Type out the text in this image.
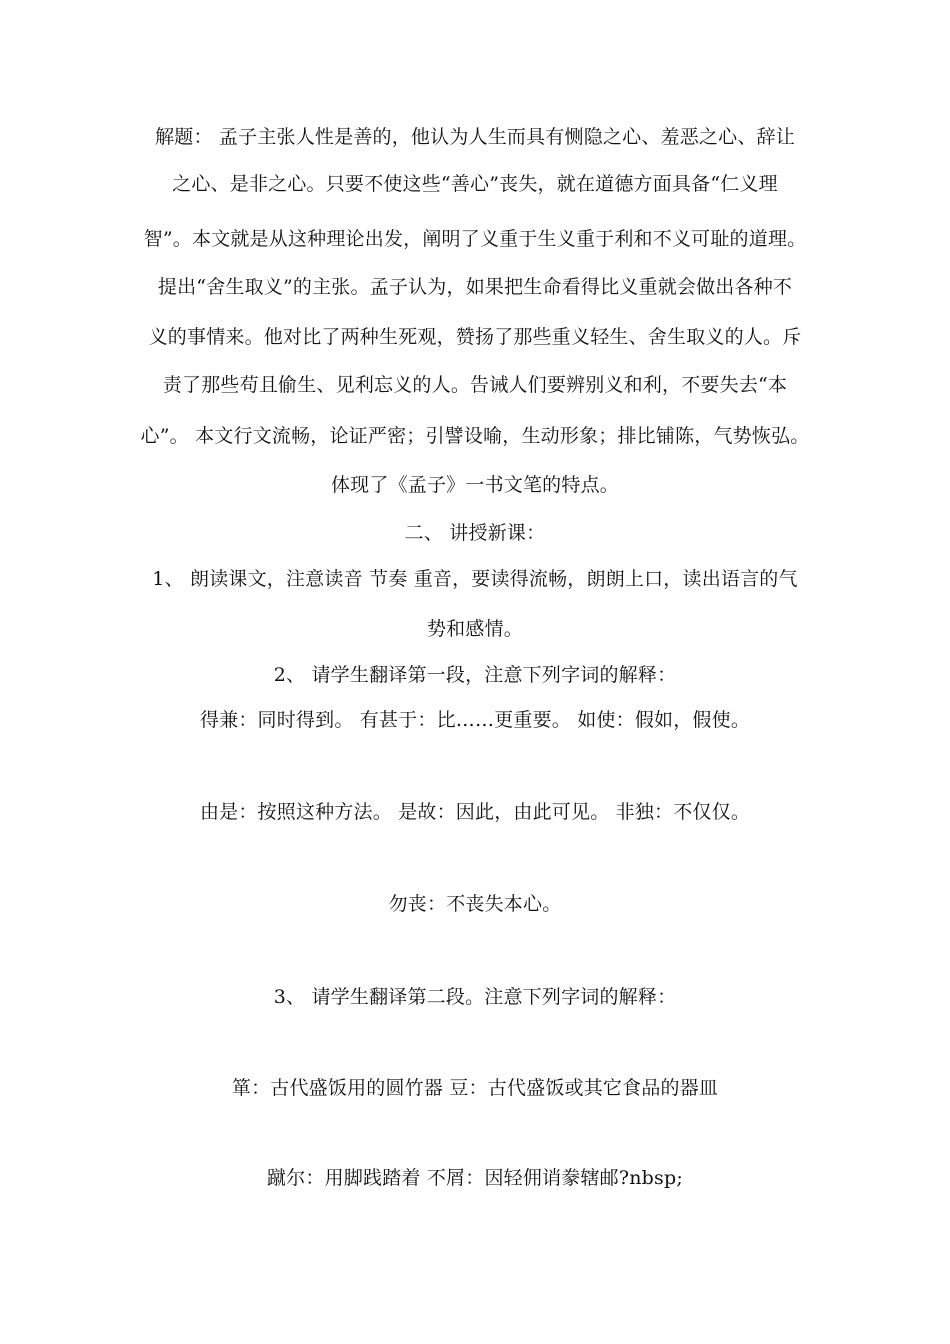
解题： 孟子主张人性是善的，他认为人生而具有恻隐之心、羞恶之心、辞让
之心、是非之心。只要不使这些“善心”丧失，就在道德方面具备“仁义理
智”。本文就是从这种理论出发，阐明了义重于生义重于利和不义可耻的道理。
提出“舍生取义”的主张。孟子认为，如果把生命看得比义重就会做出各种不
义的事情来。他对比了两种生死观，赞扬了那些重义轻生、舍生取义的人。斥
责了那些苟且偷生、见利忘义的人。告诫人们要辨别义和利，不要失去“本
心”。 本文行文流畅，论证严密；引譬设喻，生动形象；排比铺陈，气势恢弘。
体现了《孟子》一书文笔的特点。
二、 讲授新课：
1、 朗读课文，注意读音 节奏 重音，要读得流畅，朗朗上口，读出语言的气
势和感情。
2、 请学生翻译第一段，注意下列字词的解释：
得兼：同时得到。 有甚于：比……更重要。 如使：假如，假使。
由是：按照这种方法。 是故：因此，由此可见。 非独：不仅仅。
勿丧：不丧失本心。
3、 请学生翻译第二段。注意下列字词的解释：
箪：古代盛饭用的圆竹器 豆：古代盛饭或其它食品的器皿
蹴尔：用脚践踏着 不屑：因轻佣诮豢辖邮?nbsp;
